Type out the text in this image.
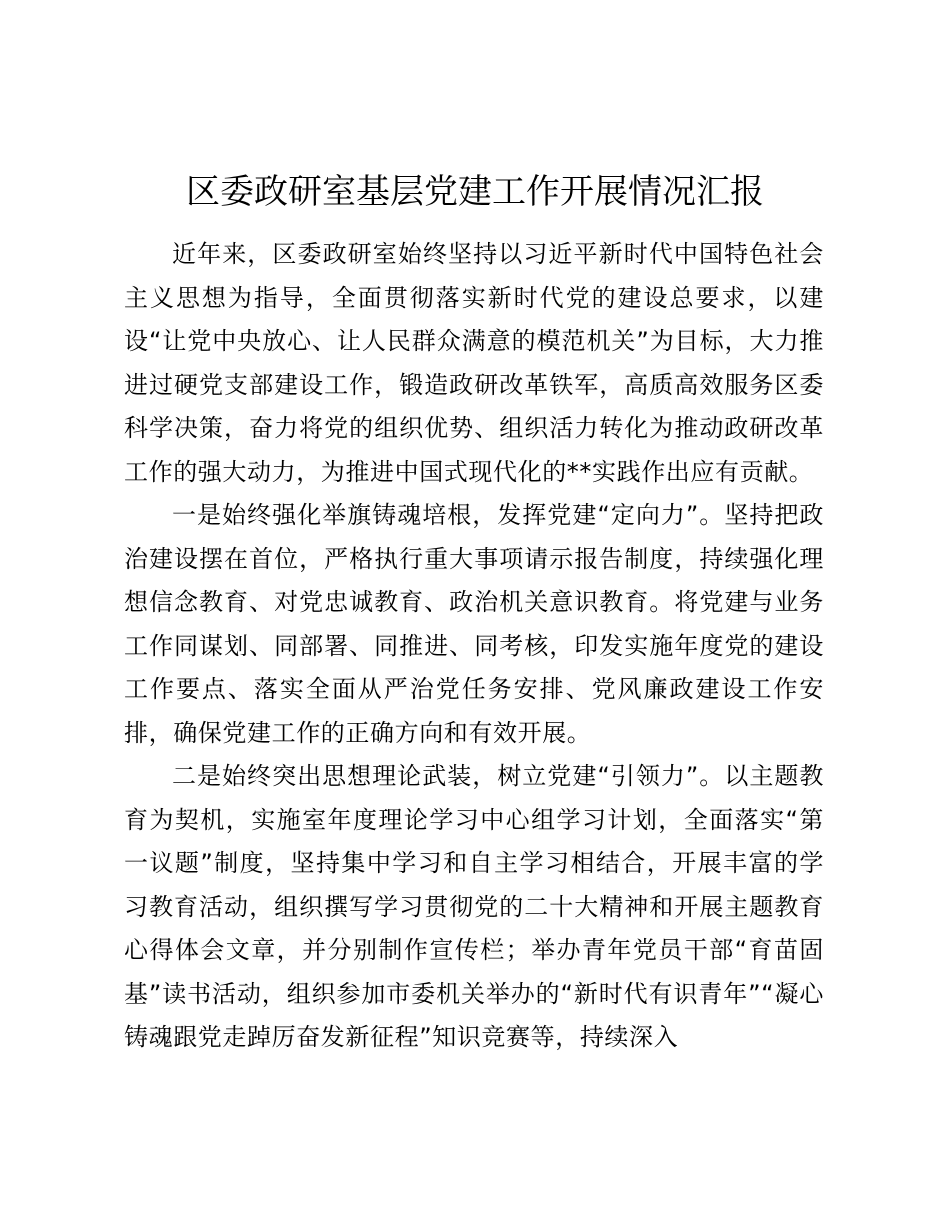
区委政研室基层党建工作开展情况汇报

近年来，区委政研室始终坚持以习近平新时代中国特色社会主义思想为指导，全面贯彻落实新时代党的建设总要求，以建设“让党中央放心、让人民群众满意的模范机关”为目标，大力推进过硬党支部建设工作，锻造政研改革铁军，高质高效服务区委科学决策，奋力将党的组织优势、组织活力转化为推动政研改革工作的强大动力，为推进中国式现代化的**实践作出应有贡献。

一是始终强化举旗铸魂培根，发挥党建“定向力”。坚持把政治建设摆在首位，严格执行重大事项请示报告制度，持续强化理想信念教育、对党忠诚教育、政治机关意识教育。将党建与业务工作同谋划、同部署、同推进、同考核，印发实施年度党的建设工作要点、落实全面从严治党任务安排、党风廉政建设工作安排，确保党建工作的正确方向和有效开展。

二是始终突出思想理论武装，树立党建“引领力”。以主题教育为契机，实施室年度理论学习中心组学习计划，全面落实“第一议题”制度，坚持集中学习和自主学习相结合，开展丰富的学习教育活动，组织撰写学习贯彻党的二十大精神和开展主题教育心得体会文章，并分别制作宣传栏；举办青年党员干部“育苗固基”读书活动，组织参加市委机关举办的“新时代有识青年”“凝心铸魂跟党走踔厉奋发新征程”知识竞赛等，持续深入
